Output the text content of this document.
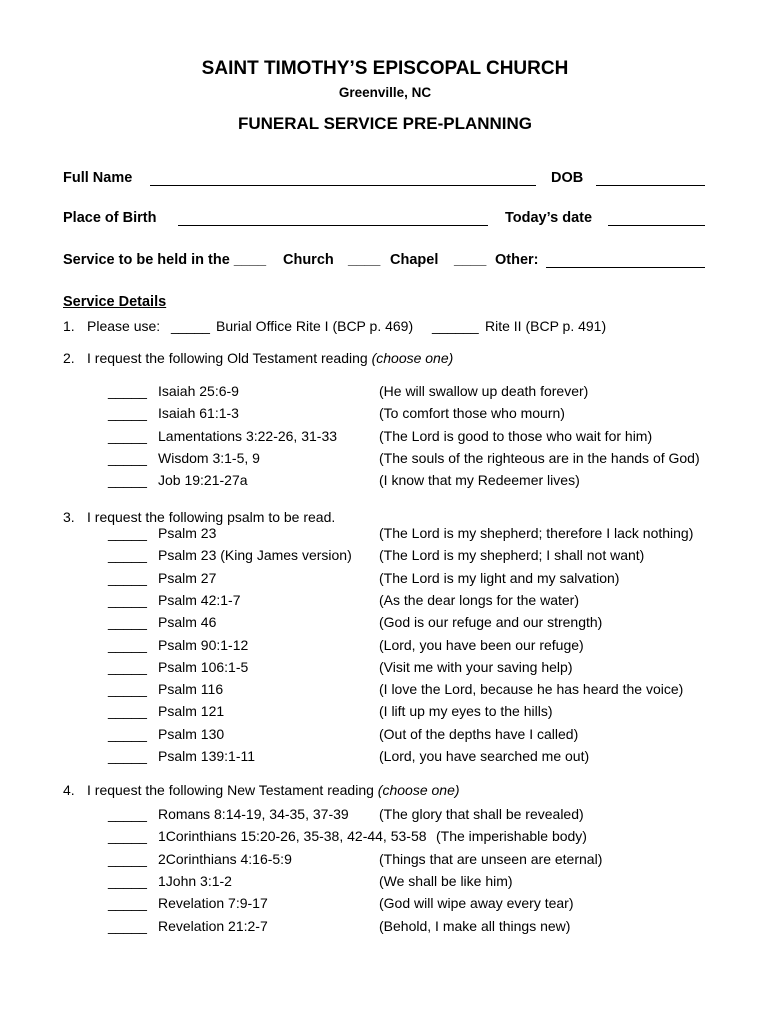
SAINT TIMOTHY’S EPISCOPAL CHURCH
Greenville, NC
FUNERAL SERVICE PRE-PLANNING
Full Name	DOB
Place of Birth	Today’s date
Service to be held in the ____ Church ____ Chapel ____ Other:
Service Details
1. Please use: _____ Burial Office Rite I (BCP p. 469) ______ Rite II (BCP p. 491)
2. I request the following Old Testament reading (choose one)
_____ Isaiah 25:6-9	(He will swallow up death forever)
_____ Isaiah 61:1-3	(To comfort those who mourn)
_____ Lamentations 3:22-26, 31-33	(The Lord is good to those who wait for him)
_____ Wisdom 3:1-5, 9	(The souls of the righteous are in the hands of God)
_____ Job 19:21-27a	(I know that my Redeemer lives)
3. I request the following psalm to be read.
_____ Psalm 23	(The Lord is my shepherd; therefore I lack nothing)
_____ Psalm 23 (King James version) (The Lord is my shepherd; I shall not want)
_____ Psalm 27	(The Lord is my light and my salvation)
_____ Psalm 42:1-7	(As the dear longs for the water)
_____ Psalm 46	(God is our refuge and our strength)
_____ Psalm 90:1-12	(Lord, you have been our refuge)
_____ Psalm 106:1-5	(Visit me with your saving help)
_____ Psalm 116	(I love the Lord, because he has heard the voice)
_____ Psalm 121	(I lift up my eyes to the hills)
_____ Psalm 130	(Out of the depths have I called)
_____ Psalm 139:1-11	(Lord, you have searched me out)
4. I request the following New Testament reading (choose one)
_____ Romans 8:14-19, 34-35, 37-39 (The glory that shall be revealed)
_____ 1Corinthians 15:20-26, 35-38, 42-44, 53-58 (The imperishable body)
_____ 2Corinthians 4:16-5:9	(Things that are unseen are eternal)
_____ 1John 3:1-2	(We shall be like him)
_____ Revelation 7:9-17	(God will wipe away every tear)
_____ Revelation 21:2-7	(Behold, I make all things new)
